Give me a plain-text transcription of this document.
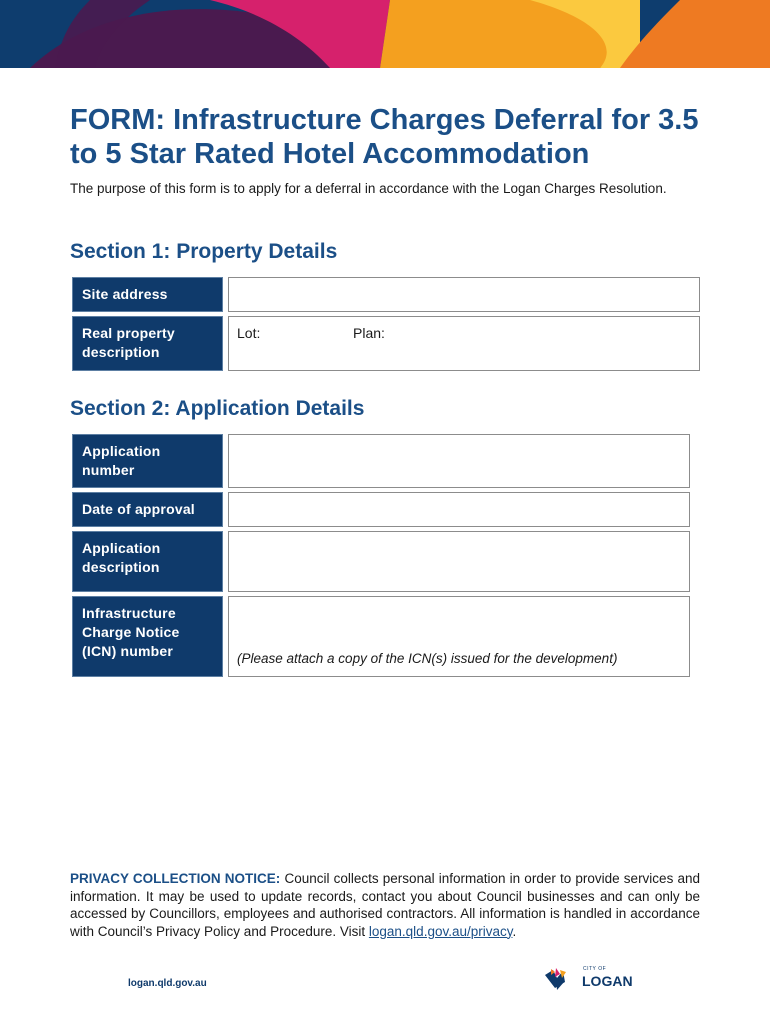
FORM: Infrastructure Charges Deferral for 3.5 to 5 Star Rated Hotel Accommodation

The purpose of this form is to apply for a deferral in accordance with the Logan Charges Resolution.

Section 1: Property Details
Site address
Real property description
Lot:	Plan:
Section 2: Application Details
Application number
Date of approval
Application description
Infrastructure Charge Notice (ICN) number	(Please attach a copy of the ICN(s) issued for the development)

PRIVACY COLLECTION NOTICE: Council collects personal information in order to provide services and information. It may be used to update records, contact you about Council businesses and can only be accessed by Councillors, employees and authorised contractors. All information is handled in accordance with Council’s Privacy Policy and Procedure. Visit logan.qld.gov.au/privacy.

logan.qld.gov.au
CITY OF
LOGAN
